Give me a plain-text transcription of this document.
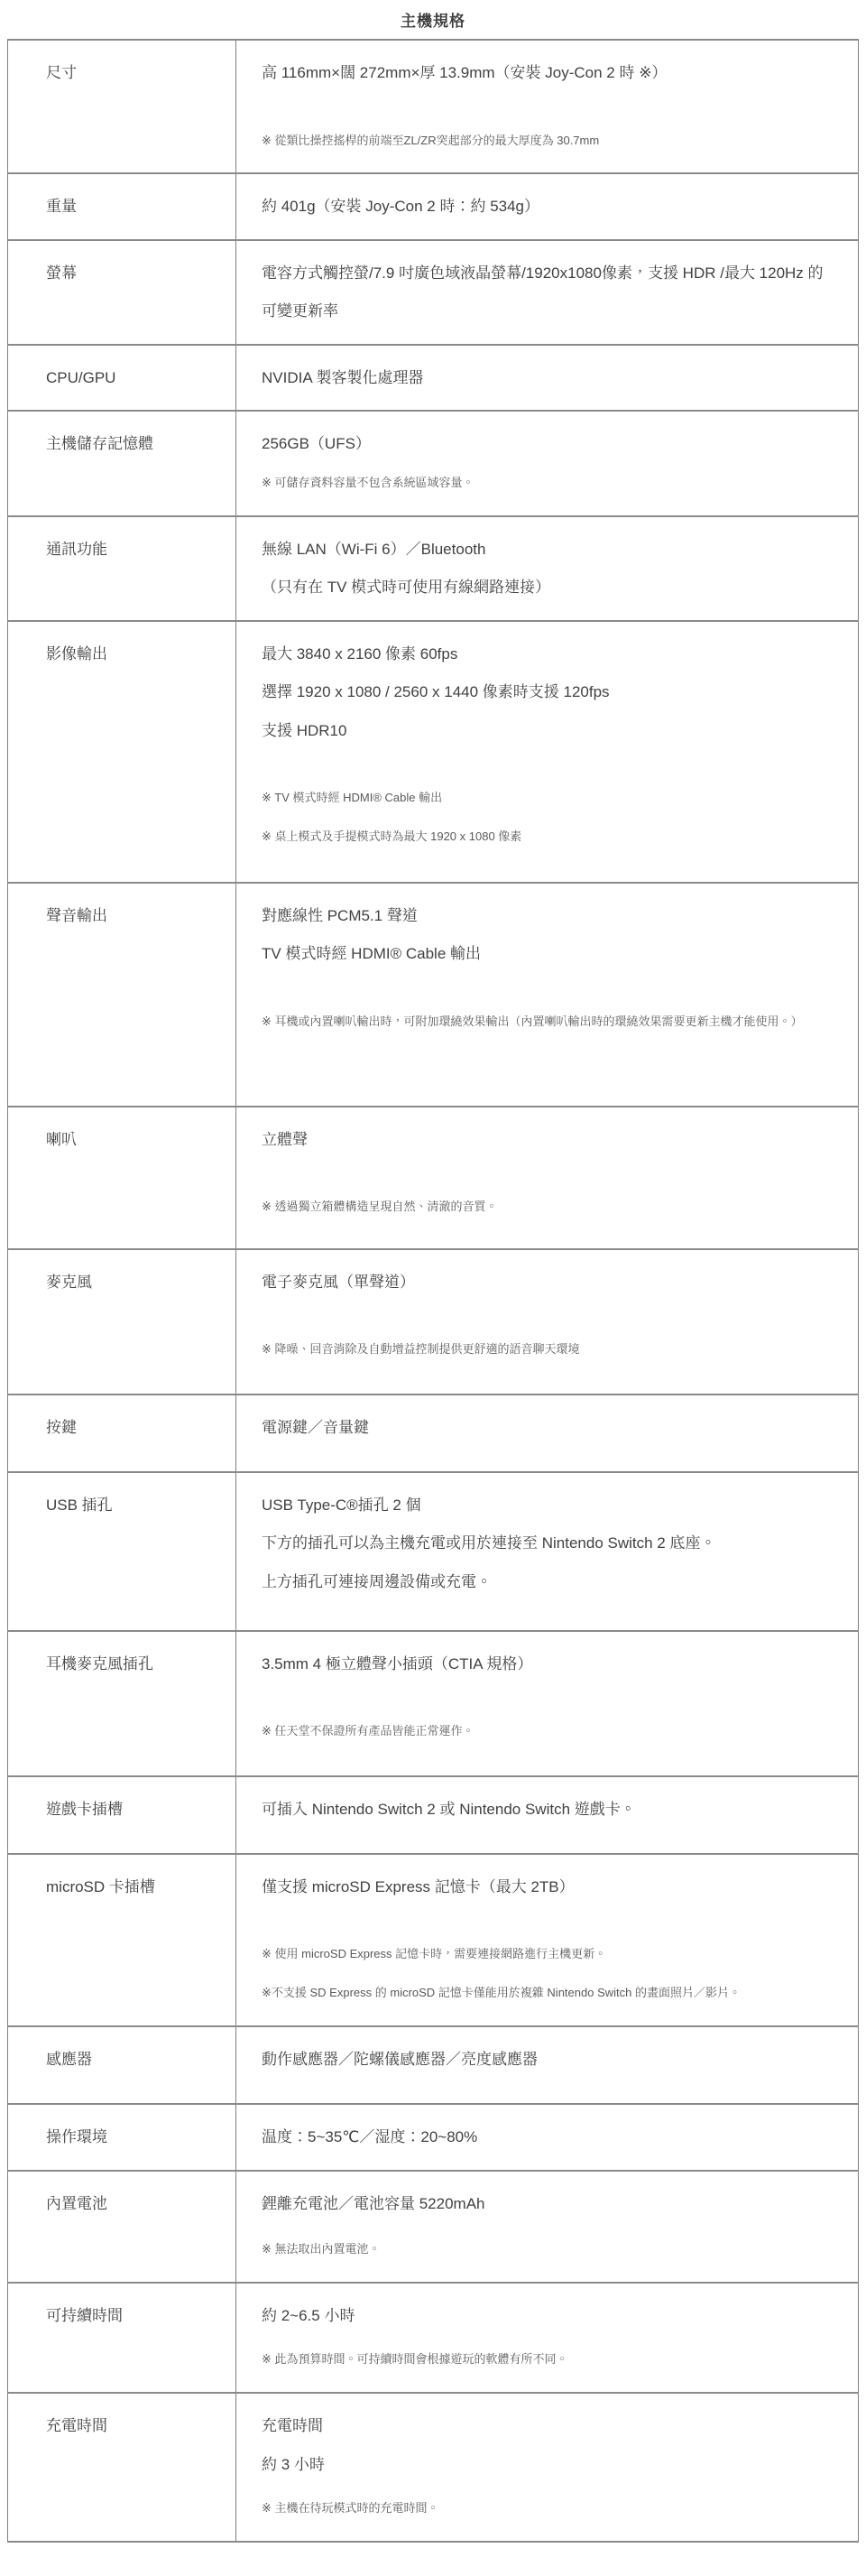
主機規格
尺寸	高 116mm×闊 272mm×厚 13.9mm（安裝 Joy-Con 2 時 ※）

※ 從類比操控搖桿的前端至ZL/ZR突起部分的最大厚度為 30.7mm

重量	約 401g（安裝 Joy-Con 2 時：約 534g）

螢幕	電容方式觸控螢/7.9 吋廣色域液晶螢幕/1920x1080像素，支援 HDR /最大 120Hz 的可變更新率

CPU/GPU	NVIDIA 製客製化處理器

主機儲存記憶體	256GB（UFS）

※ 可儲存資料容量不包含系統區域容量。

通訊功能	無線 LAN（Wi-Fi 6）／Bluetooth

（只有在 TV 模式時可使用有線網路連接）

影像輸出	最大 3840 x 2160 像素 60fps

選擇 1920 x 1080 / 2560 x 1440 像素時支援 120fps

支援 HDR10

※ TV 模式時經 HDMI® Cable 輸出

※ 桌上模式及手提模式時為最大 1920 x 1080 像素

聲音輸出	對應線性 PCM5.1 聲道

TV 模式時經 HDMI® Cable 輸出

※ 耳機或內置喇叭輸出時，可附加環繞效果輸出（內置喇叭輸出時的環繞效果需要更新主機才能使用。）

喇叭	立體聲

※ 透過獨立箱體構造呈現自然、清澈的音質。

麥克風	電子麥克風（單聲道）

※ 降噪、回音消除及自動增益控制提供更舒適的語音聊天環境

按鍵	電源鍵／音量鍵

USB 插孔	USB Type-C®插孔 2 個

下方的插孔可以為主機充電或用於連接至 Nintendo Switch 2 底座。

上方插孔可連接周邊設備或充電。

耳機麥克風插孔	3.5mm 4 極立體聲小插頭（CTIA 規格）

※ 任天堂不保證所有產品皆能正常運作。

遊戲卡插槽	可插入 Nintendo Switch 2 或 Nintendo Switch 遊戲卡。

microSD 卡插槽	僅支援 microSD Express 記憶卡（最大 2TB）

※ 使用 microSD Express 記憶卡時，需要連接網路進行主機更新。

※不支援 SD Express 的 microSD 記憶卡僅能用於複雜 Nintendo Switch 的畫面照片／影片。

感應器	動作感應器／陀螺儀感應器／亮度感應器

操作環境	温度：5~35℃／湿度：20~80%

內置電池	鋰離充電池／電池容量 5220mAh

※ 無法取出內置電池。

可持續時間	約 2~6.5 小時

※ 此為預算時間。可持續時間會根據遊玩的軟體有所不同。

充電時間	充電時間

約 3 小時

※ 主機在待玩模式時的充電時間。
